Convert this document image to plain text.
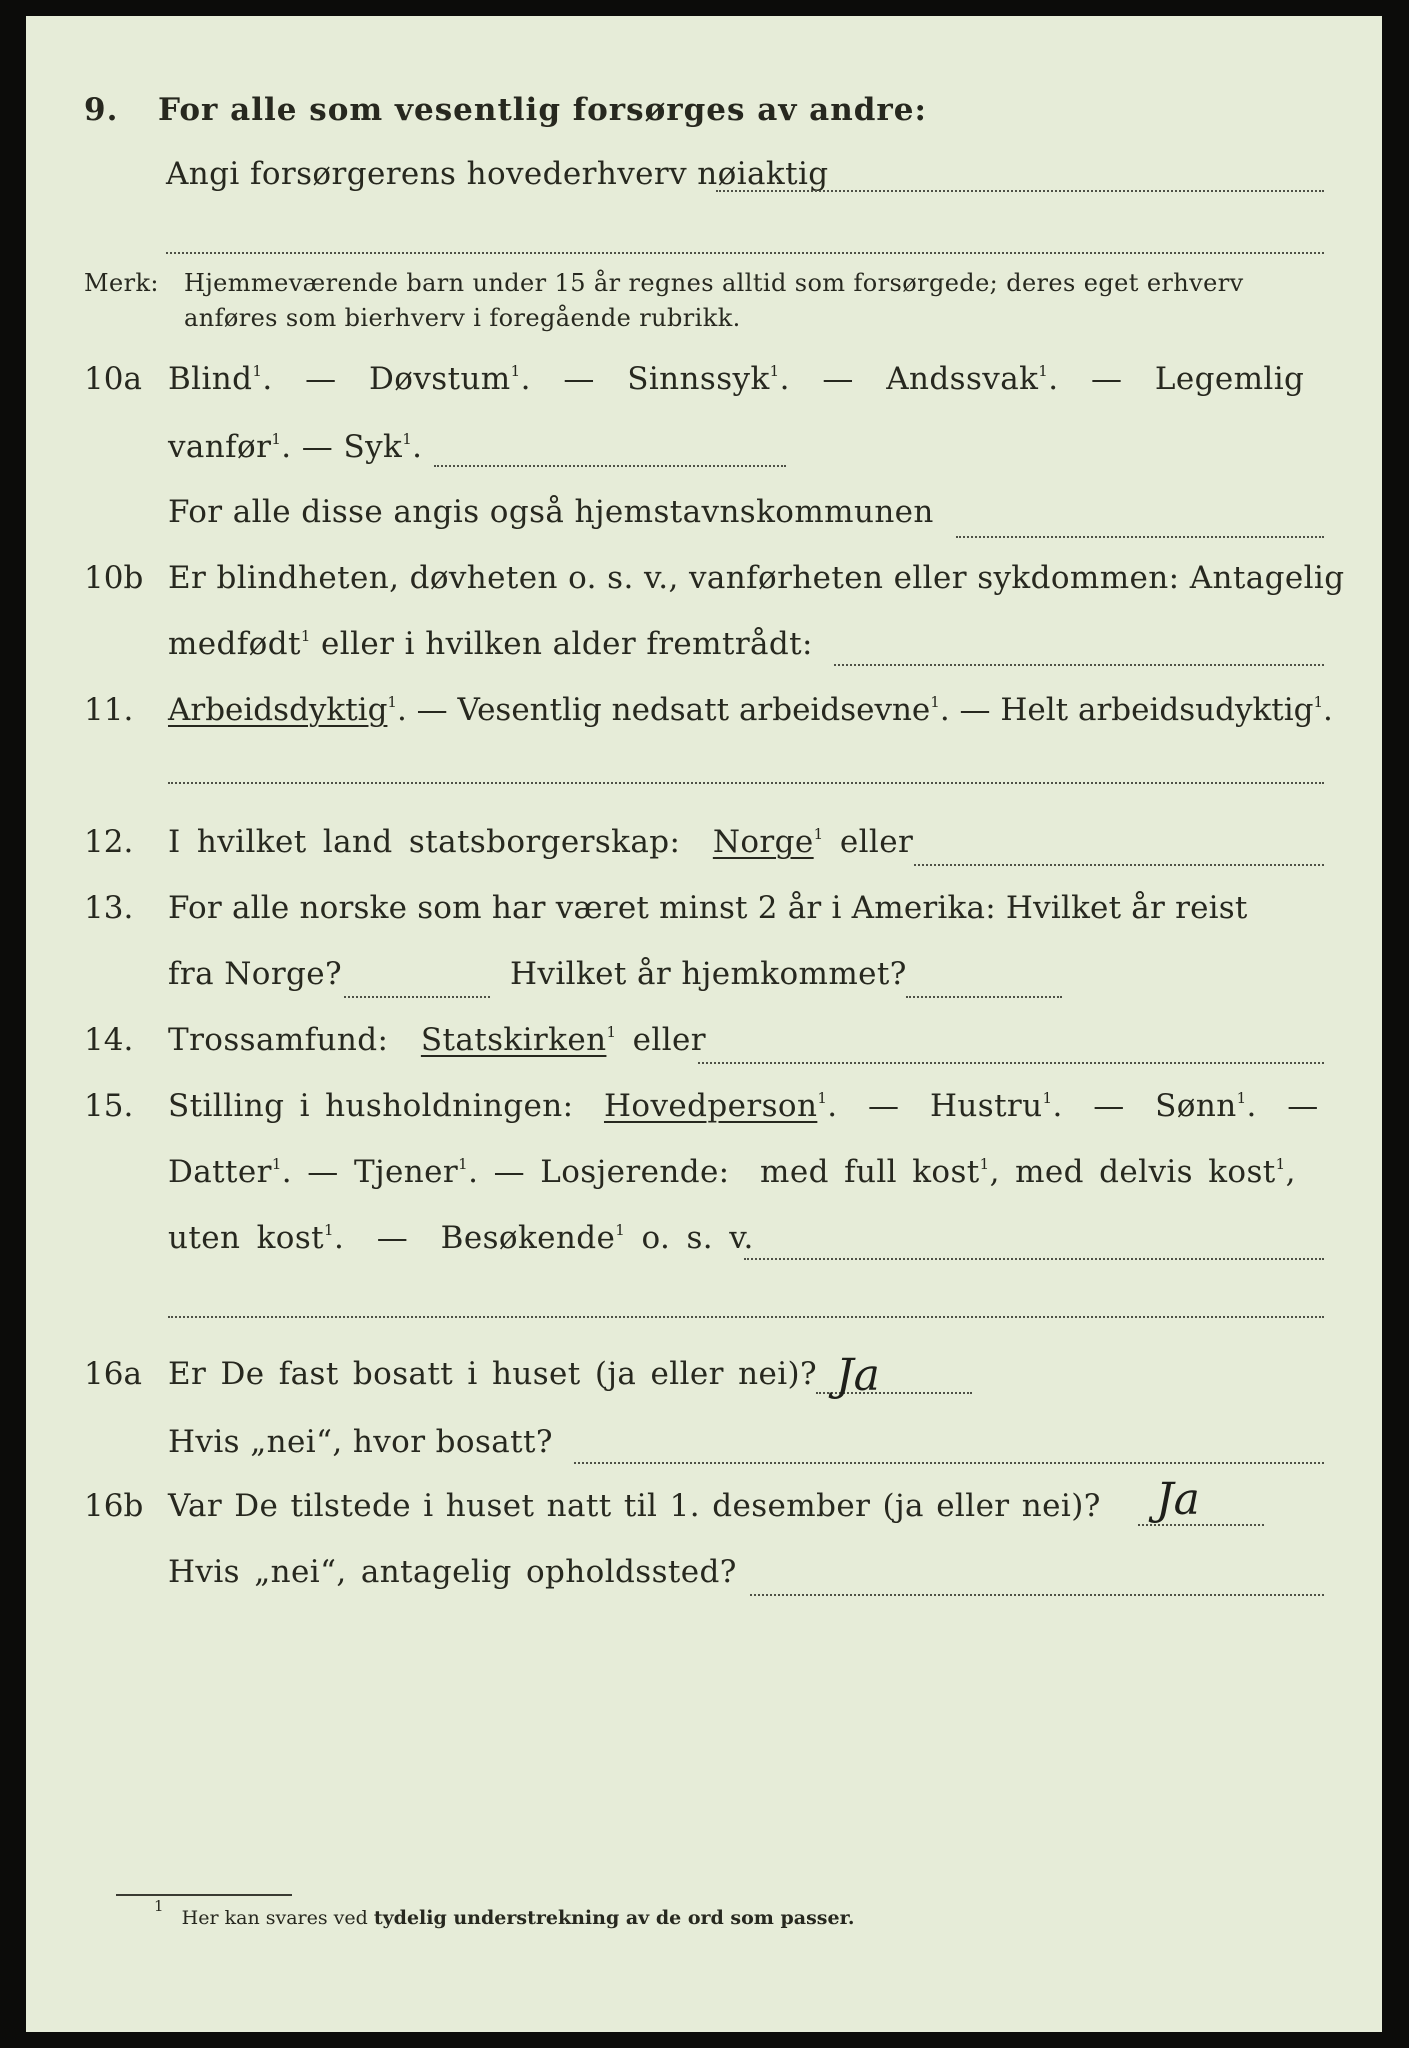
9. For alle som vesentlig forsørges av andre:
Angi forsørgerens hovederhverv nøiaktig
Merk: Hjemmeværende barn under 15 år regnes alltid som forsørgede; deres eget erhverv
anføres som bierhverv i foregående rubrikk.
10a Blind$^1$.  —  Døvstum$^1$.  —  Sinnssyk$^1$.  —  Andssvak$^1$.  —  Legemlig
vanfør$^1$. — Syk$^1$.
For alle disse angis også hjemstavnskommunen
10b Er blindheten, døvheten o. s. v., vanførheten eller sykdommen: Antagelig
medfødt$^1$ eller i hvilken alder fremtrådt:
11. Arbeidsdyktig$^1$. — Vesentlig nedsatt arbeidsevne$^1$. — Helt arbeidsudyktig$^1$.
12. I hvilket land statsborgerskap: Norge$^1$ eller
13. For alle norske som har været minst 2 år i Amerika: Hvilket år reist
fra Norge?	Hvilket år hjemkommet?
14. Trossamfund: Statskirken$^1$ eller
15. Stilling i husholdningen: Hovedperson$^1$.  —  Hustru$^1$.  —  Sønn$^1$.  —
Datter$^1$. — Tjener$^1$. — Losjerende: med full kost$^1$, med delvis kost$^1$,
uten kost$^1$.  —  Besøkende$^1$ o. s. v.
16a Er De fast bosatt i huset (ja eller nei)? Ja
Hvis „nei“, hvor bosatt?
16b Var De tilstede i huset natt til 1. desember (ja eller nei)? Ja
Hvis „nei“, antagelig opholdssted?
$^1$   Her kan svares ved tydelig understrekning av de ord som passer.
